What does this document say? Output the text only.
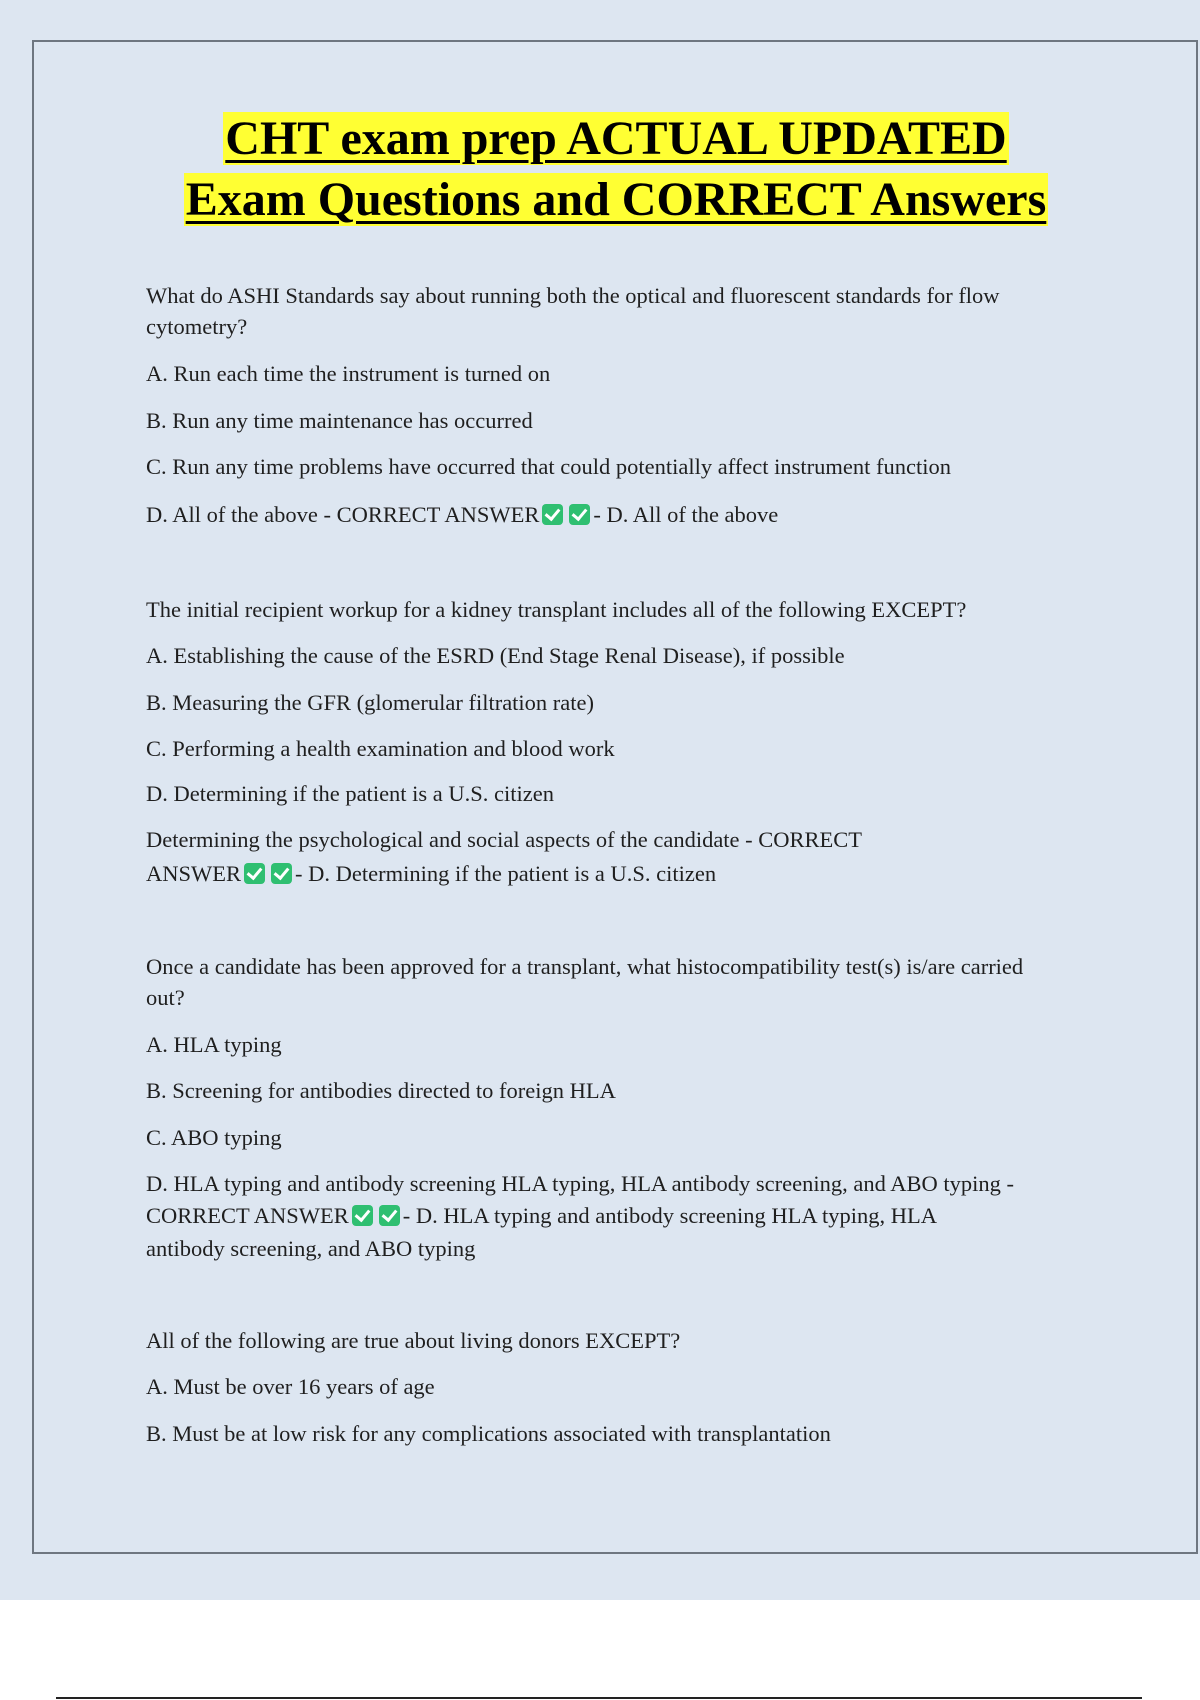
CHT exam prep ACTUAL UPDATED
Exam Questions and CORRECT Answers
What do ASHI Standards say about running both the optical and fluorescent standards for flow
cytometry?
A. Run each time the instrument is turned on
B. Run any time maintenance has occurred
C. Run any time problems have occurred that could potentially affect instrument function
D. All of the above - CORRECT ANSWER - D. All of the above
The initial recipient workup for a kidney transplant includes all of the following EXCEPT?
A. Establishing the cause of the ESRD (End Stage Renal Disease), if possible
B. Measuring the GFR (glomerular filtration rate)
C. Performing a health examination and blood work
D. Determining if the patient is a U.S. citizen
Determining the psychological and social aspects of the candidate - CORRECT
ANSWER - D. Determining if the patient is a U.S. citizen
Once a candidate has been approved for a transplant, what histocompatibility test(s) is/are carried
out?
A. HLA typing
B. Screening for antibodies directed to foreign HLA
C. ABO typing
D. HLA typing and antibody screening HLA typing, HLA antibody screening, and ABO typing -
CORRECT ANSWER - D. HLA typing and antibody screening HLA typing, HLA
antibody screening, and ABO typing
All of the following are true about living donors EXCEPT?
A. Must be over 16 years of age
B. Must be at low risk for any complications associated with transplantation
